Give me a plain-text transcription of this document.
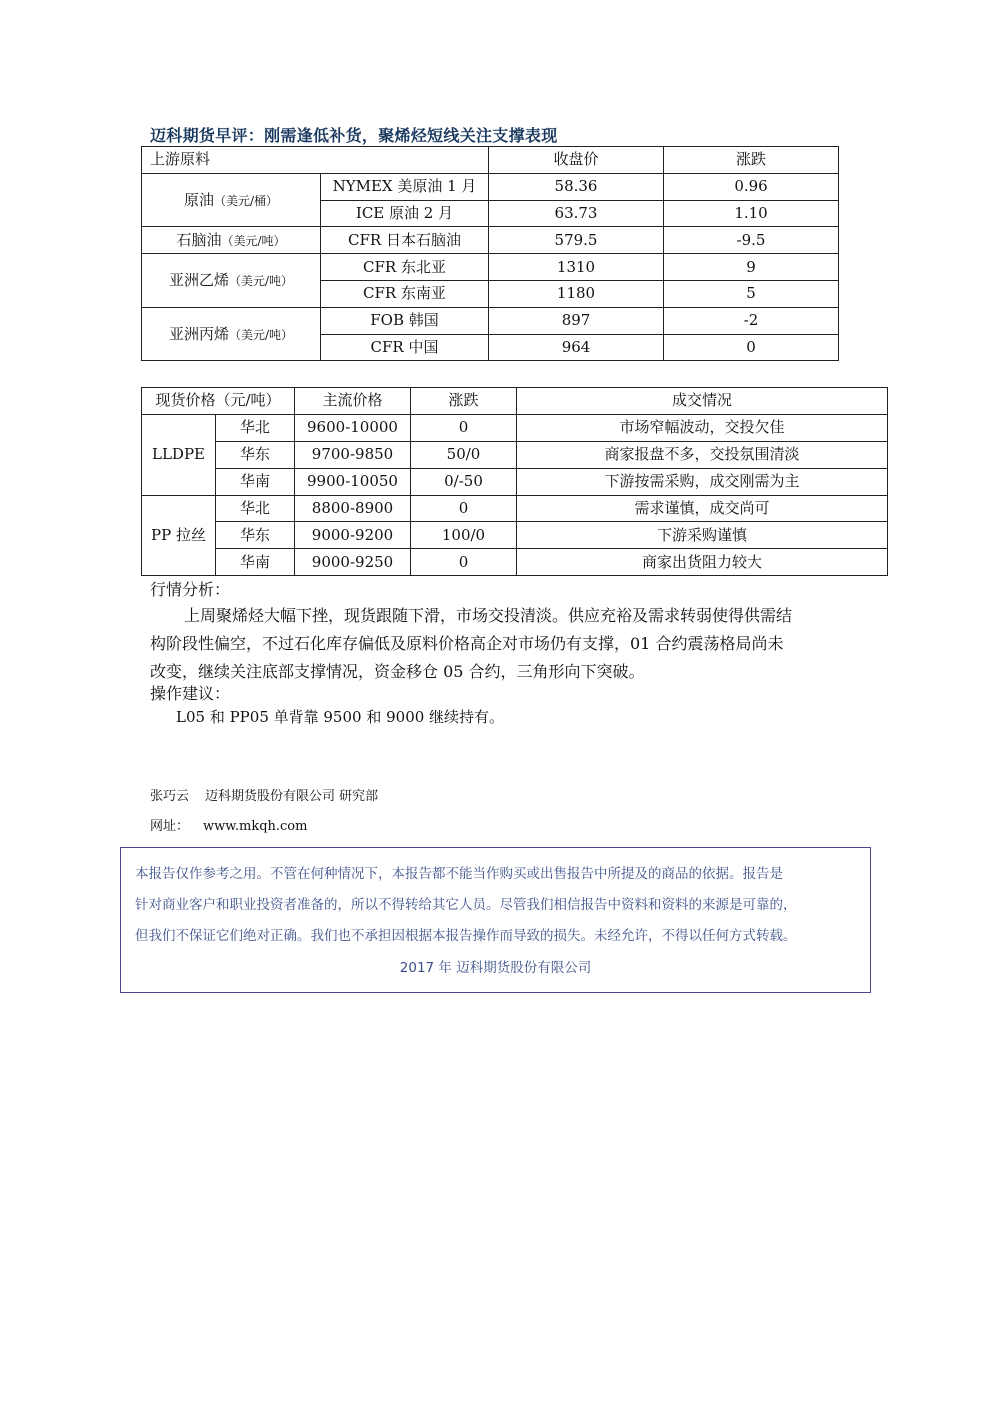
迈科期货早评：刚需逢低补货，聚烯烃短线关注支撑表现
上游原料		收盘价	涨跌
原油（美元/桶）	NYMEX 美原油 1 月	58.36	0.96
	ICE 原油 2 月	63.73	1.10
石脑油（美元/吨）	CFR 日本石脑油	579.5	-9.5
亚洲乙烯（美元/吨）	CFR 东北亚	1310	9
	CFR 东南亚	1180	5
亚洲丙烯（美元/吨）	FOB 韩国	897	-2
	CFR 中国	964	0
现货价格（元/吨）		主流价格	涨跌	成交情况
LLDPE	华北	9600-10000	0	市场窄幅波动，交投欠佳
	华东	9700-9850	50/0	商家报盘不多，交投氛围清淡
	华南	9900-10050	0/-50	下游按需采购，成交刚需为主
PP 拉丝	华北	8800-8900	0	需求谨慎，成交尚可
	华东	9000-9200	100/0	下游采购谨慎
	华南	9000-9250	0	商家出货阻力较大
行情分析：
上周聚烯烃大幅下挫，现货跟随下滑，市场交投清淡。供应充裕及需求转弱使得供需结
构阶段性偏空，不过石化库存偏低及原料价格高企对市场仍有支撑，01 合约震荡格局尚未
改变，继续关注底部支撑情况，资金移仓 05 合约，三角形向下突破。
操作建议：
L05 和 PP05 单背靠 9500 和 9000 继续持有。
张巧云 迈科期货股份有限公司 研究部
网址： www.mkqh.com
本报告仅作参考之用。不管在何种情况下，本报告都不能当作购买或出售报告中所提及的商品的依据。报告是
针对商业客户和职业投资者准备的，所以不得转给其它人员。尽管我们相信报告中资料和资料的来源是可靠的，
但我们不保证它们绝对正确。我们也不承担因根据本报告操作而导致的损失。未经允许，不得以任何方式转载。
2017 年 迈科期货股份有限公司
